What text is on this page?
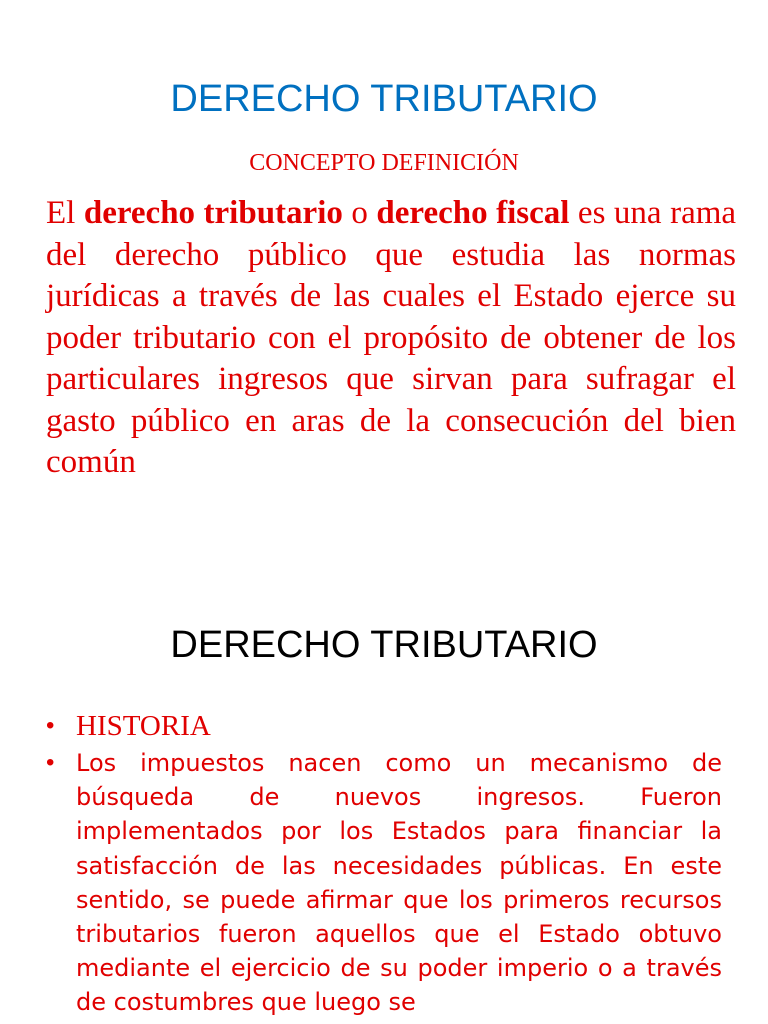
DERECHO TRIBUTARIO

CONCEPTO DEFINICIÓN

El derecho tributario o derecho fiscal es una rama del derecho público que estudia las normas jurídicas a través de las cuales el Estado ejerce su poder tributario con el propósito de obtener de los particulares ingresos que sirvan para sufragar el gasto público en aras de la consecución del bien común

DERECHO TRIBUTARIO
• HISTORIA
• Los impuestos nacen como un mecanismo de búsqueda de nuevos ingresos. Fueron implementados por los Estados para financiar la satisfacción de las necesidades públicas. En este sentido, se puede afirmar que los primeros recursos tributarios fueron aquellos que el Estado obtuvo mediante el ejercicio de su poder imperio o a través de costumbres que luego se
